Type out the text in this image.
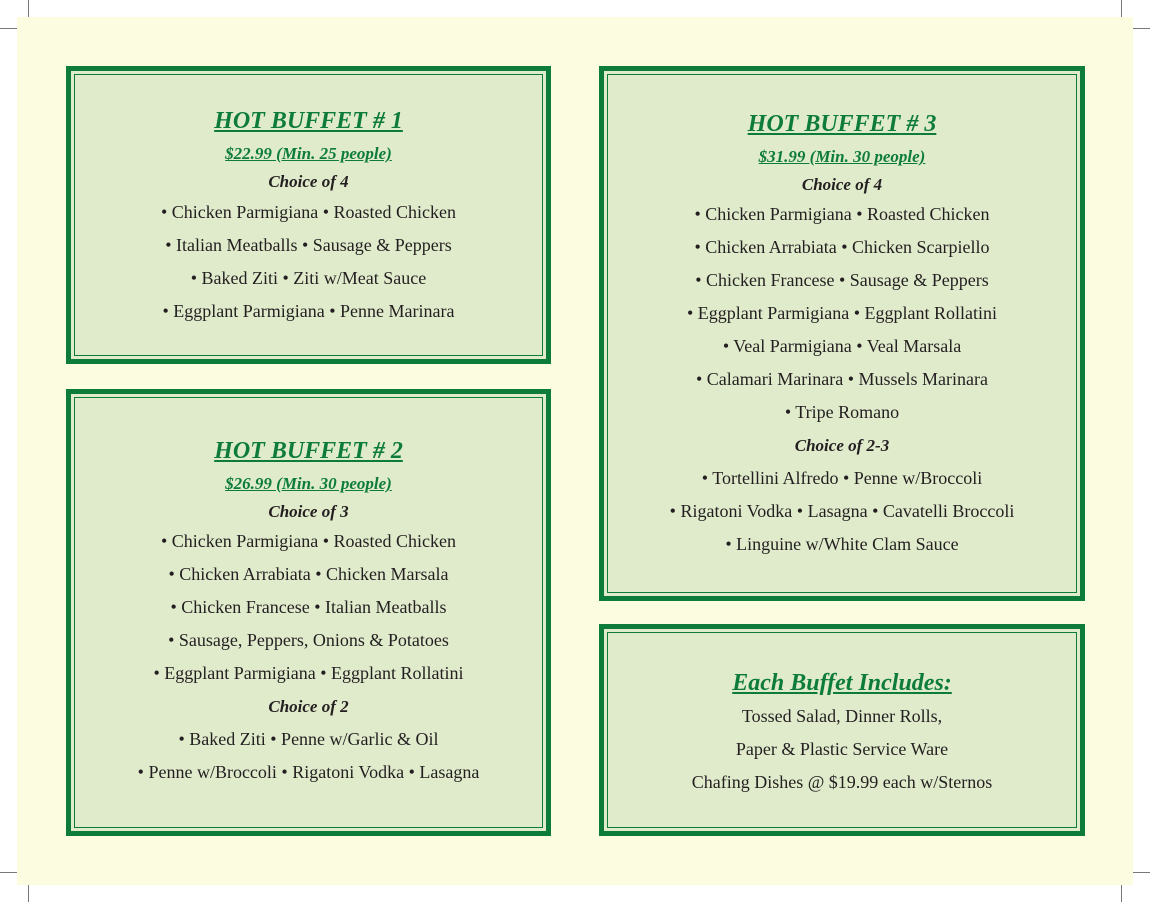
HOT BUFFET # 1
$22.99 (Min. 25 people)
Choice of 4
• Chicken Parmigiana • Roasted Chicken
• Italian Meatballs • Sausage & Peppers
• Baked Ziti • Ziti w/Meat Sauce
• Eggplant Parmigiana • Penne Marinara
HOT BUFFET # 2
$26.99 (Min. 30 people)
Choice of 3
• Chicken Parmigiana • Roasted Chicken
• Chicken Arrabiata • Chicken Marsala
• Chicken Francese • Italian Meatballs
• Sausage, Peppers, Onions & Potatoes
• Eggplant Parmigiana • Eggplant Rollatini
Choice of 2
• Baked Ziti • Penne w/Garlic & Oil
• Penne w/Broccoli • Rigatoni Vodka • Lasagna
HOT BUFFET # 3
$31.99 (Min. 30 people)
Choice of 4
• Chicken Parmigiana • Roasted Chicken
• Chicken Arrabiata • Chicken Scarpiello
• Chicken Francese • Sausage & Peppers
• Eggplant Parmigiana • Eggplant Rollatini
• Veal Parmigiana • Veal Marsala
• Calamari Marinara • Mussels Marinara
• Tripe Romano
Choice of 2-3
• Tortellini Alfredo • Penne w/Broccoli
• Rigatoni Vodka • Lasagna • Cavatelli Broccoli
• Linguine w/White Clam Sauce
Each Buffet Includes:
Tossed Salad, Dinner Rolls,
Paper & Plastic Service Ware
Chafing Dishes @ $19.99 each w/Sternos
